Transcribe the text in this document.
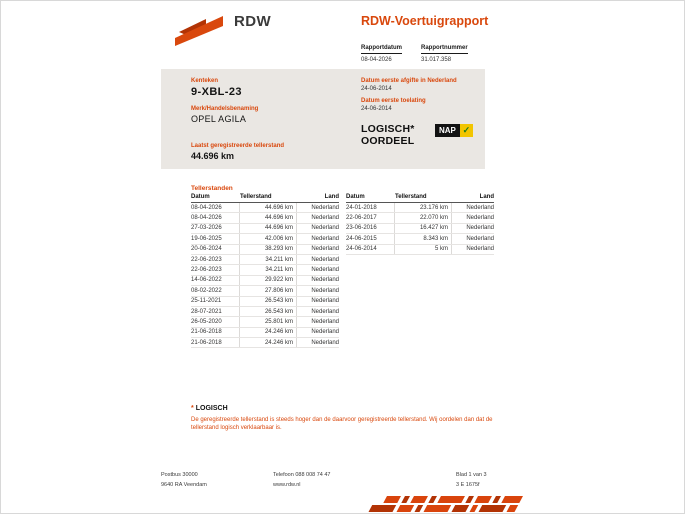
RDW	RDW-Voertuigrapport
Rapportdatum
08-04-2026
Rapportnummer
31.017.358
Kenteken
9-XBL-23
Merk/Handelsbenaming
OPEL AGILA
Laatst geregistreerde tellerstand
44.696 km
Datum eerste afgifte in Nederland
24-06-2014
Datum eerste toelating
24-06-2014
LOGISCH*
OORDEEL
NAP ✓
Tellerstanden
Datum	Tellerstand	Land
08-04-2026	44.696 km	Nederland
08-04-2026	44.696 km	Nederland
27-03-2026	44.696 km	Nederland
19-06-2025	42.006 km	Nederland
20-06-2024	38.293 km	Nederland
22-06-2023	34.211 km	Nederland
22-06-2023	34.211 km	Nederland
14-06-2022	29.922 km	Nederland
08-02-2022	27.806 km	Nederland
25-11-2021	26.543 km	Nederland
28-07-2021	26.543 km	Nederland
26-05-2020	25.801 km	Nederland
21-06-2018	24.246 km	Nederland
21-06-2018	24.246 km	Nederland
Datum	Tellerstand	Land
24-01-2018	23.176 km	Nederland
22-06-2017	22.070 km	Nederland
23-06-2016	16.427 km	Nederland
24-06-2015	8.343 km	Nederland
24-06-2014	5 km	Nederland
* LOGISCH
De geregistreerde tellerstand is steeds hoger dan de daarvoor geregistreerde tellerstand. Wij oordelen dan dat de tellerstand logisch verklaarbaar is.
Postbus 30000
9640 RA Veendam
Telefoon 088 008 74 47
www.rdw.nl
Blad 1 van 3
3 E 1675f
